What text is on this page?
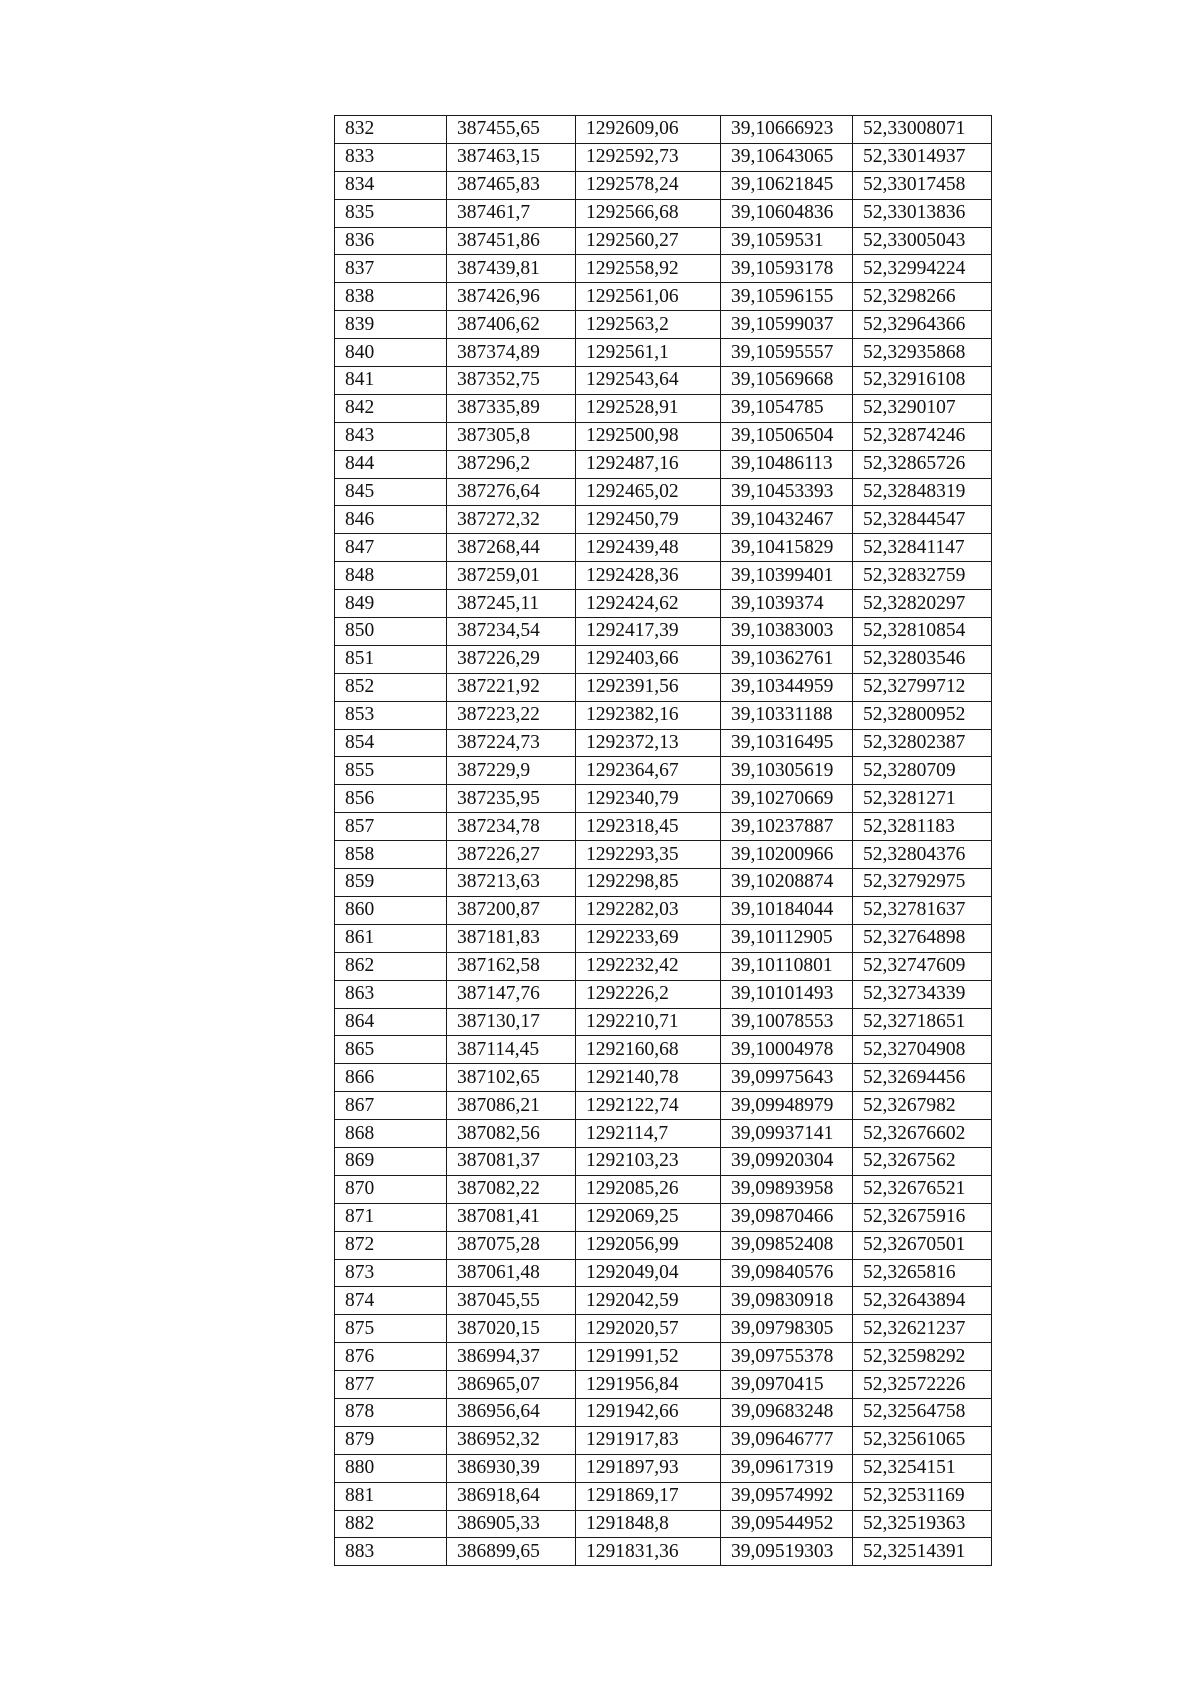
832	387455,65	1292609,06	39,10666923	52,33008071
833	387463,15	1292592,73	39,10643065	52,33014937
834	387465,83	1292578,24	39,10621845	52,33017458
835	387461,7	1292566,68	39,10604836	52,33013836
836	387451,86	1292560,27	39,1059531	52,33005043
837	387439,81	1292558,92	39,10593178	52,32994224
838	387426,96	1292561,06	39,10596155	52,3298266
839	387406,62	1292563,2	39,10599037	52,32964366
840	387374,89	1292561,1	39,10595557	52,32935868
841	387352,75	1292543,64	39,10569668	52,32916108
842	387335,89	1292528,91	39,1054785	52,3290107
843	387305,8	1292500,98	39,10506504	52,32874246
844	387296,2	1292487,16	39,10486113	52,32865726
845	387276,64	1292465,02	39,10453393	52,32848319
846	387272,32	1292450,79	39,10432467	52,32844547
847	387268,44	1292439,48	39,10415829	52,32841147
848	387259,01	1292428,36	39,10399401	52,32832759
849	387245,11	1292424,62	39,1039374	52,32820297
850	387234,54	1292417,39	39,10383003	52,32810854
851	387226,29	1292403,66	39,10362761	52,32803546
852	387221,92	1292391,56	39,10344959	52,32799712
853	387223,22	1292382,16	39,10331188	52,32800952
854	387224,73	1292372,13	39,10316495	52,32802387
855	387229,9	1292364,67	39,10305619	52,3280709
856	387235,95	1292340,79	39,10270669	52,3281271
857	387234,78	1292318,45	39,10237887	52,3281183
858	387226,27	1292293,35	39,10200966	52,32804376
859	387213,63	1292298,85	39,10208874	52,32792975
860	387200,87	1292282,03	39,10184044	52,32781637
861	387181,83	1292233,69	39,10112905	52,32764898
862	387162,58	1292232,42	39,10110801	52,32747609
863	387147,76	1292226,2	39,10101493	52,32734339
864	387130,17	1292210,71	39,10078553	52,32718651
865	387114,45	1292160,68	39,10004978	52,32704908
866	387102,65	1292140,78	39,09975643	52,32694456
867	387086,21	1292122,74	39,09948979	52,3267982
868	387082,56	1292114,7	39,09937141	52,32676602
869	387081,37	1292103,23	39,09920304	52,3267562
870	387082,22	1292085,26	39,09893958	52,32676521
871	387081,41	1292069,25	39,09870466	52,32675916
872	387075,28	1292056,99	39,09852408	52,32670501
873	387061,48	1292049,04	39,09840576	52,3265816
874	387045,55	1292042,59	39,09830918	52,32643894
875	387020,15	1292020,57	39,09798305	52,32621237
876	386994,37	1291991,52	39,09755378	52,32598292
877	386965,07	1291956,84	39,0970415	52,32572226
878	386956,64	1291942,66	39,09683248	52,32564758
879	386952,32	1291917,83	39,09646777	52,32561065
880	386930,39	1291897,93	39,09617319	52,3254151
881	386918,64	1291869,17	39,09574992	52,32531169
882	386905,33	1291848,8	39,09544952	52,32519363
883	386899,65	1291831,36	39,09519303	52,32514391
